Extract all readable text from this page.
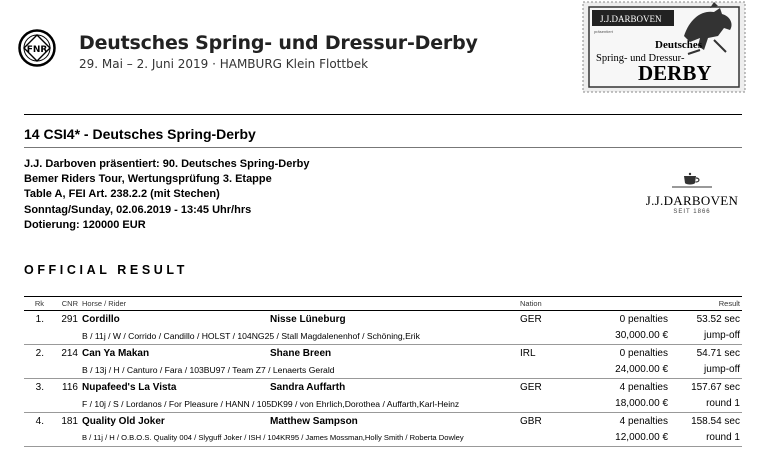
FNR Deutsches Spring- und Dressur-Derby
29. Mai – 2. Juni 2019 · HAMBURG Klein Flottbek
J.J.DARBOVEN
präsentiert
Deutsches
Spring- und Dressur-
DERBY
14 CSI4* - Deutsches Spring-Derby
J.J. Darboven präsentiert: 90. Deutsches Spring-Derby
Bemer Riders Tour, Wertungsprüfung 3. Etappe
Table A, FEI Art. 238.2.2 (mit Stechen)
Sonntag/Sunday, 02.06.2019 - 13:45 Uhr/hrs
Dotierung: 120000 EUR
J.J.DARBOVEN
SEIT 1866
OFFICIAL RESULT
Rk	CNR	Horse / Rider		Nation		Result
1.	291	Cordillo	Nisse Lüneburg	GER	0 penalties	53.52 sec
		B / 11j / W / Corrido / Candillo / HOLST / 104NG25 / Stall Magdalenenhof / Schöning,Erik			30,000.00 €	jump-off
2.	214	Can Ya Makan	Shane Breen	IRL	0 penalties	54.71 sec
		B / 13j / H / Canturo / Fara / 103BU97 / Team Z7 / Lenaerts Gerald			24,000.00 €	jump-off
3.	116	Nupafeed's La Vista	Sandra Auffarth	GER	4 penalties	157.67 sec
		F / 10j / S / Lordanos / For Pleasure / HANN / 105DK99 / von Ehrlich,Dorothea / Auffarth,Karl-Heinz			18,000.00 €	round 1
4.	181	Quality Old Joker	Matthew Sampson	GBR	4 penalties	158.54 sec
		B / 11j / H / O.B.O.S. Quality 004 / Slyguff Joker / ISH / 104KR95 / James Mossman,Holly Smith / Roberta Dowley			12,000.00 €	round 1
